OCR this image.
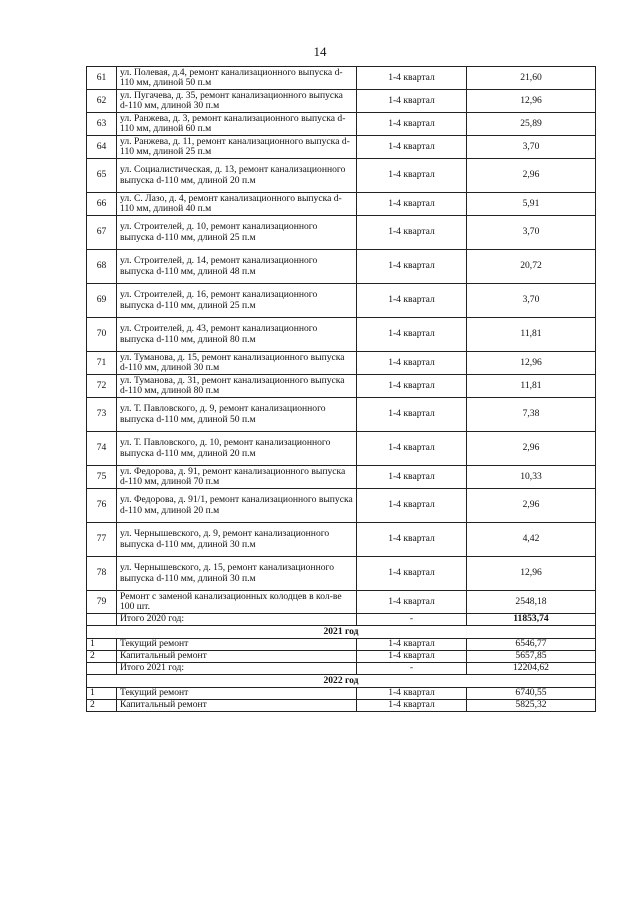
14
61	ул. Полевая, д.4, ремонт канализационного выпуска d-110 мм, длиной 50 п.м	1-4 квартал	21,60
62	ул. Пугачева, д. 35, ремонт канализационного выпуска d-110 мм, длиной 30 п.м	1-4 квартал	12,96
63	ул. Ранжева, д. 3, ремонт канализационного выпуска d-110 мм, длиной 60 п.м	1-4 квартал	25,89
64	ул. Ранжева, д. 11, ремонт канализационного выпуска d-110 мм, длиной 25 п.м	1-4 квартал	3,70
65	ул. Социалистическая, д. 13, ремонт канализационного выпуска d-110 мм, длиной 20 п.м	1-4 квартал	2,96
66	ул. С. Лазо, д. 4, ремонт канализационного выпуска d-110 мм, длиной 40 п.м	1-4 квартал	5,91
67	ул. Строителей, д. 10, ремонт канализационного выпуска d-110 мм, длиной 25 п.м	1-4 квартал	3,70
68	ул. Строителей, д. 14, ремонт канализационного выпуска d-110 мм, длиной 48 п.м	1-4 квартал	20,72
69	ул. Строителей, д. 16, ремонт канализационного выпуска d-110 мм, длиной 25 п.м	1-4 квартал	3,70
70	ул. Строителей, д. 43, ремонт канализационного выпуска d-110 мм, длиной 80 п.м	1-4 квартал	11,81
71	ул. Туманова, д. 15, ремонт канализационного выпуска d-110 мм, длиной 30 п.м	1-4 квартал	12,96
72	ул. Туманова, д. 31, ремонт канализационного выпуска d-110 мм, длиной 80 п.м	1-4 квартал	11,81
73	ул. Т. Павловского, д. 9, ремонт канализационного выпуска d-110 мм, длиной 50 п.м	1-4 квартал	7,38
74	ул. Т. Павловского, д. 10, ремонт канализационного выпуска d-110 мм, длиной 20 п.м	1-4 квартал	2,96
75	ул. Федорова, д. 91, ремонт канализационного выпуска d-110 мм, длиной 70 п.м	1-4 квартал	10,33
76	ул. Федорова, д. 91/1, ремонт канализационного выпуска d-110 мм, длиной 20 п.м	1-4 квартал	2,96
77	ул. Чернышевского, д. 9, ремонт канализационного выпуска d-110 мм, длиной 30 п.м	1-4 квартал	4,42
78	ул. Чернышевского, д. 15, ремонт канализационного выпуска d-110 мм, длиной 30 п.м	1-4 квартал	12,96
79	Ремонт с заменой канализационных колодцев в кол-ве 100 шт.	1-4 квартал	2548,18
	Итого 2020 год:	-	11853,74
2021 год			
1	Текущий ремонт	1-4 квартал	6546,77
2	Капитальный ремонт	1-4 квартал	5657,85
	Итого 2021 год:	-	12204,62
2022 год			
1	Текущий ремонт	1-4 квартал	6740,55
2	Капитальный ремонт	1-4 квартал	5825,32
